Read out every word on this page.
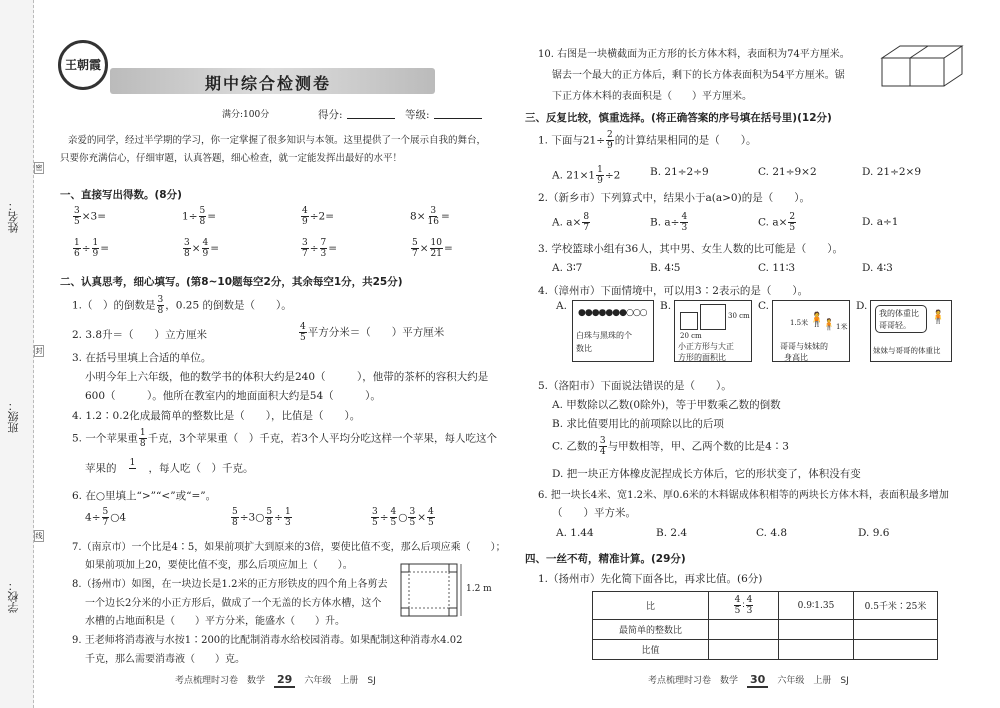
姓名：
班级：
学校：
密
封
线
王朝霞
期中综合检测卷
满分:100分	得分:	等级:
亲爱的同学，经过半学期的学习，你一定掌握了很多知识与本领。这里提供了一个展示自我的舞台，
只要你充满信心，仔细审题，认真答题，细心检查，就一定能发挥出最好的水平！
一、直接写出得数。(8分)
$\frac{3}{5} \times 3=$	$1\div \frac{5}{8}$ =	$\frac{4}{9} \div 2=$	$8\times \frac{3}{16}$ =
$\frac{1}{6} \div \frac{1}{9}$ =	$\frac{3}{8} \times \frac{4}{9}$ =	$\frac{3}{7} \div \frac{7}{3}$ =	$\frac{5}{7} \times \frac{10}{21}$ =
二、认真思考，细心填写。(第8~10题每空2分，其余每空1分，共25分)
1.（　）的倒数是 $\frac{3}{8}$ ，0.25 的倒数是（　　）。
2. 3.8升＝（　　）立方厘米	$\frac{4}{5}$ 平方分米＝（　　）平方厘米
3. 在括号里填上合适的单位。
小明今年上六年级，他的数学书的体积大约是240（　　　），他带的茶杯的容积大约是
600（　　　）。他所在教室内的地面面积大约是54（　　　）。
4. 1.2∶0.2化成最简单的整数比是（　　），比值是（　　）。
5. 一个苹果重 $\frac{1}{8}$ 千克，3个苹果重（　）千克，若3个人平均分吃这样一个苹果，每人吃这个
苹果的 1 ，每人吃（　）千克。
6. 在○里填上“>”“<”或“=”。
$4\div \frac{5}{7}$ ○4	$\frac{5}{8}$ ÷3○ $\frac{5}{8} \div \frac{1}{3}$	$\frac{3}{5} \div \frac{4}{5}$ ○ $\frac{3}{5} \times \frac{4}{5}$
7.（南京市）一个比是4∶5，如果前项扩大到原来的3倍，要使比值不变，那么后项应乘（　　）；
如果前项加上20，要使比值不变，那么后项应加上（　　）。
8.（扬州市）如图，在一块边长是1.2米的正方形铁皮的四个角上各剪去
一个边长2分米的小正方形后，做成了一个无盖的长方体水槽，这个
水槽的占地面积是（　　）平方分米，能盛水（　　）升。
1.2 m
9. 王老师将消毒液与水按1∶200的比配制消毒水给校园消毒。如果配制这种消毒水4.02
千克，那么需要消毒液（　　）克。
考点梳理时习卷　数学　 29　 六年级　上册　SJ
10. 右图是一块横截面为正方形的长方体木料，表面积为74平方厘米。
锯去一个最大的正方体后，剩下的长方体表面积为54平方厘米。锯
下正方体木料的表面积是（　　）平方厘米。
三、反复比较，慎重选择。(将正确答案的序号填在括号里)(12分)
1. 下面与$21\div \frac{2}{9}$ 的计算结果相同的是（　　）。
A. $21\times 1 \frac{1}{9} \div 2$	B. 21÷2÷9	C. 21÷9×2	D. 21÷2×9
2.（新乡市）下列算式中，结果小于a(a>0)的是（　　）。
A. $a\times \frac{8}{7}$	B. $a\div \frac{4}{3}$	C. $a\times \frac{2}{5}$	D. a÷1
3. 学校篮球小组有36人，其中男、女生人数的比可能是（　　）。
A. 3∶7	B. 4∶5	C. 11∶3	D. 4∶3
4.（漳州市）下面情境中，可以用3∶2表示的是（　　）。
A.
●●●●●●●○○○
白珠与黑珠的个
数比
B.
30 cm
20 cm
小正方形与大正
方形的面积比
C.
1.5米 🧍
🧍 1米
哥哥与妹妹的
身高比
D.
我的体重比
哥哥轻。
🧍
妹妹与哥哥的体重比
5.（洛阳市）下面说法错误的是（　　）。
A. 甲数除以乙数(0除外)，等于甲数乘乙数的倒数
B. 求比值要用比的前项除以比的后项
C. 乙数的 $\frac{3}{4}$ 与甲数相等，甲、乙两个数的比是4∶3
D. 把一块正方体橡皮泥捏成长方体后，它的形状变了，体积没有变
6. 把一块长4米、宽1.2米、厚0.6米的木料锯成体积相等的两块长方体木料，表面积最多增加
（　　）平方米。
A. 1.44	B. 2.4	C. 4.8	D. 9.6
四、一丝不苟，精准计算。(29分)
1.（扬州市）先化简下面各比，再求比值。(6分)
比	$\frac{4}{5}$ ∶ $\frac{4}{3}$	0.9∶1.35	0.5千米∶25米
最简单的整数比			
比值			
考点梳理时习卷　数学　 30　 六年级　上册　SJ
